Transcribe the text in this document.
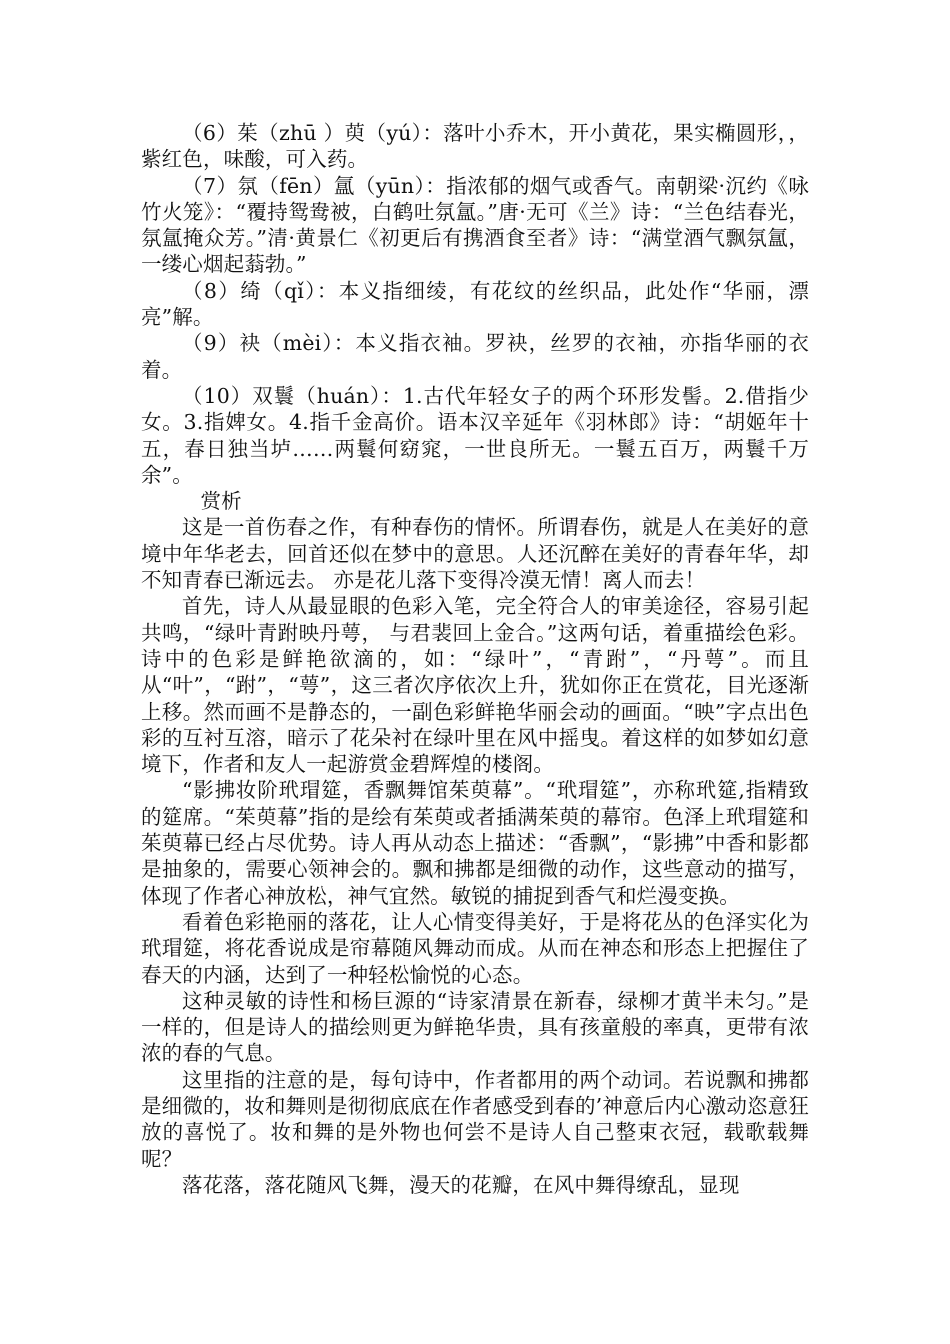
（6）茱（zhū ）萸（yú）：落叶小乔木，开小黄花，果实椭圆形，，紫红色，味酸，可入药。

（7）氛（fēn）氲（yūn）：指浓郁的烟气或香气。南朝梁·沉约《咏竹火笼》：“覆持鸳鸯被，白鹤吐氛氲。”唐·无可《兰》诗：“兰色结春光，氛氲掩众芳。”清·黄景仁《初更后有携酒食至者》诗：“满堂酒气飘氛氲，一缕心烟起蓊勃。”

（8）绮（qǐ）：本义指细绫，有花纹的丝织品，此处作“华丽，漂亮”解。

（9）袂（mèi）：本义指衣袖。罗袂，丝罗的衣袖，亦指华丽的衣着。

（10）双鬟（huán）：1.古代年轻女子的两个环形发髻。2.借指少女。3.指婢女。4.指千金高价。语本汉辛延年《羽林郎》诗：“胡姬年十五，春日独当垆……两鬟何窈窕，一世良所无。一鬟五百万，两鬟千万余”。

赏析

这是一首伤春之作，有种春伤的情怀。所谓春伤，就是人在美好的意境中年华老去，回首还似在梦中的意思。人还沉醉在美好的青春年华，却不知青春已渐远去。 亦是花儿落下变得冷漠无情！离人而去！

首先，诗人从最显眼的色彩入笔，完全符合人的审美途径，容易引起共鸣，“绿叶青跗映丹萼， 与君裴回上金合。”这两句话，着重描绘色彩。诗中的色彩是鲜艳欲滴的，如：“绿叶”，“青跗”，“丹萼”。而且从“叶”，“跗”，“萼”，这三者次序依次上升，犹如你正在赏花，目光逐渐上移。然而画不是静态的，一副色彩鲜艳华丽会动的画面。“映”字点出色彩的互衬互溶，暗示了花朵衬在绿叶里在风中摇曳。着这样的如梦如幻意境下，作者和友人一起游赏金碧辉煌的楼阁。

“影拂妆阶玳瑁筵，香飘舞馆茱萸幕”。“玳瑁筵”，亦称玳筵,指精致的筵席。“茱萸幕”指的是绘有茱萸或者插满茱萸的幕帘。色泽上玳瑁筵和茱萸幕已经占尽优势。诗人再从动态上描述：“香飘”，“影拂”中香和影都是抽象的，需要心领神会的。飘和拂都是细微的动作，这些意动的描写，体现了作者心神放松，神气宜然。敏锐的捕捉到香气和烂漫变换。

看着色彩艳丽的落花，让人心情变得美好，于是将花丛的色泽实化为玳瑁筵，将花香说成是帘幕随风舞动而成。从而在神态和形态上把握住了春天的内涵，达到了一种轻松愉悦的心态。

这种灵敏的诗性和杨巨源的“诗家清景在新春，绿柳才黄半未匀。”是一样的，但是诗人的描绘则更为鲜艳华贵，具有孩童般的率真，更带有浓浓的春的气息。

这里指的注意的是，每句诗中，作者都用的两个动词。若说飘和拂都是细微的，妆和舞则是彻彻底底在作者感受到春的’神意后内心激动恣意狂放的喜悦了。妆和舞的是外物也何尝不是诗人自己整束衣冠，载歌载舞呢？

落花落，落花随风飞舞，漫天的花瓣，在风中舞得缭乱，显现
